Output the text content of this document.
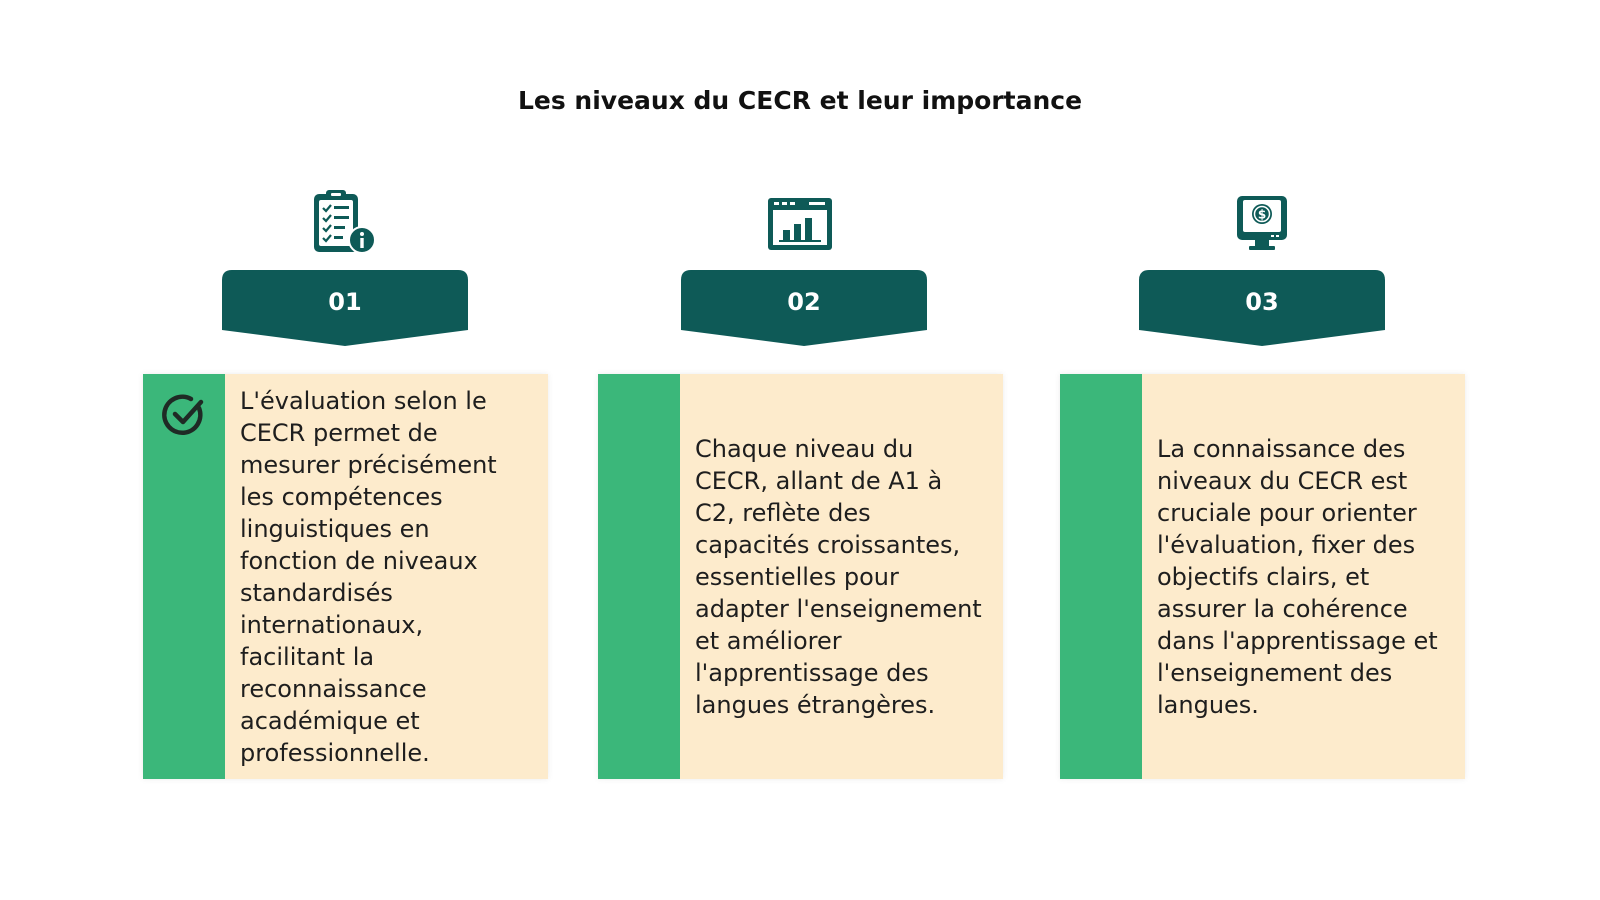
Les niveaux du CECR et leur importance
01

L'évaluation selon le CECR permet de mesurer précisément les compétences linguistiques en fonction de niveaux standardisés internationaux, facilitant la reconnaissance académique et professionnelle.

02

Chaque niveau du CECR, allant de A1 à C2, reflète des capacités croissantes, essentielles pour adapter l'enseignement et améliorer l'apprentissage des langues étrangères.

$
03

La connaissance des niveaux du CECR est cruciale pour orienter l'évaluation, fixer des objectifs clairs, et assurer la cohérence dans l'apprentissage et l'enseignement des langues.
